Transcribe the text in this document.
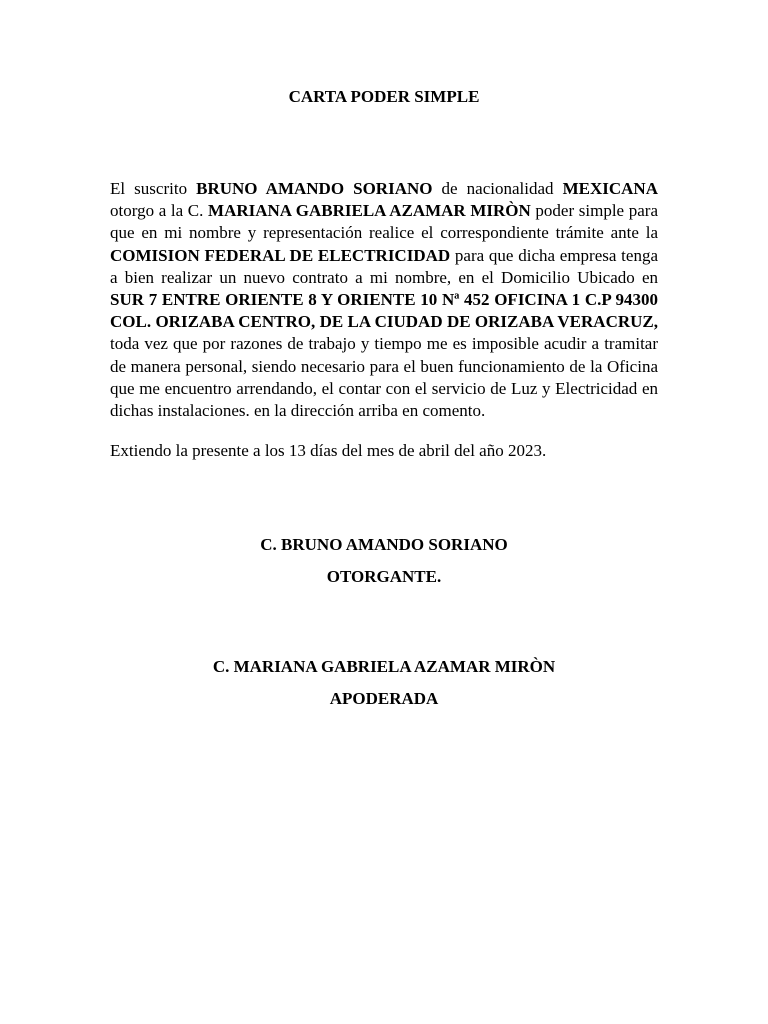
CARTA PODER SIMPLE
El suscrito BRUNO AMANDO SORIANO de nacionalidad MEXICANA otorgo a la C. MARIANA GABRIELA AZAMAR MIRÒN poder simple para que en mi nombre y representación realice el correspondiente trámite ante la COMISION FEDERAL DE ELECTRICIDAD para que dicha empresa tenga a bien realizar un nuevo contrato a mi nombre, en el Domicilio Ubicado en SUR 7 ENTRE ORIENTE 8 Y ORIENTE 10 Nª 452 OFICINA 1 C.P 94300 COL. ORIZABA CENTRO, DE LA CIUDAD DE ORIZABA VERACRUZ, toda vez que por razones de trabajo y tiempo me es imposible acudir a tramitar de manera personal, siendo necesario para el buen funcionamiento de la Oficina que me encuentro arrendando, el contar con el servicio de Luz y Electricidad en dichas instalaciones. en la dirección arriba en comento.
Extiendo la presente a los 13 días del mes de abril del año 2023.
C. BRUNO AMANDO SORIANO
OTORGANTE.
C. MARIANA GABRIELA AZAMAR MIRÒN
APODERADA
